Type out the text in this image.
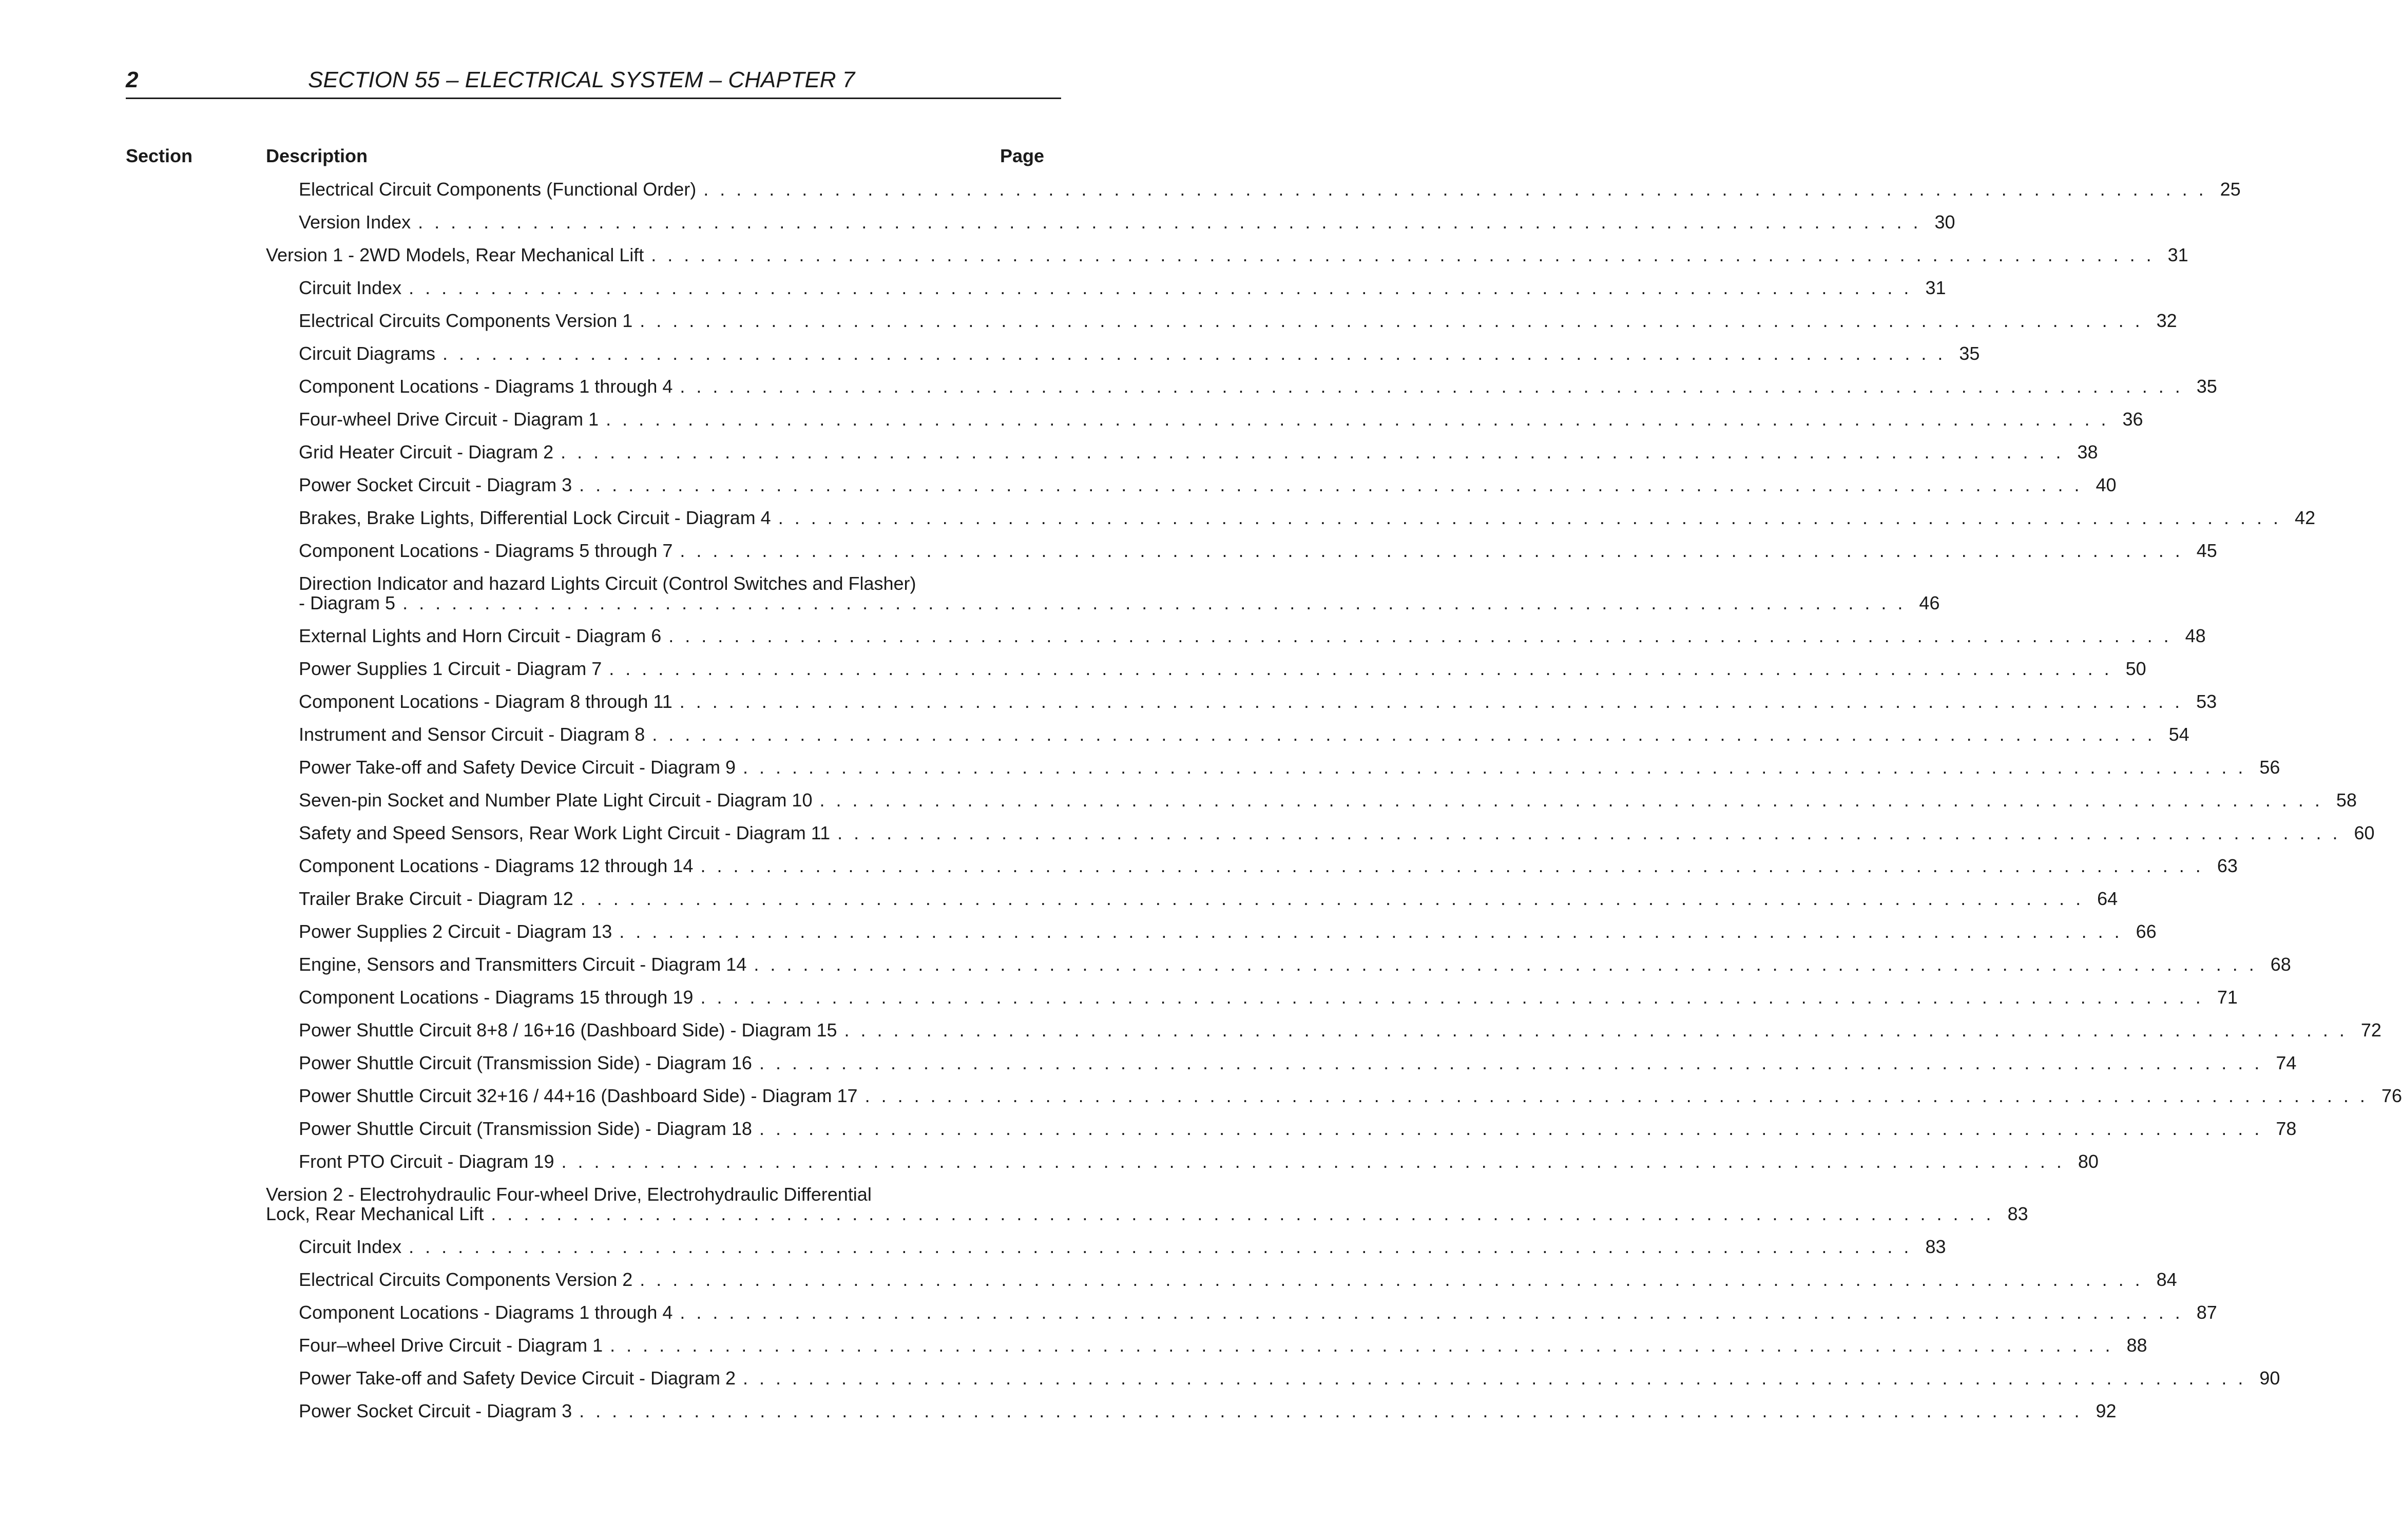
2	SECTION 55 – ELECTRICAL SYSTEM – CHAPTER 7
Section	Description	Page
Electrical Circuit Components (Functional Order) . . . . . . . . . . . . . . . . . . . . . . . . . . . . . . . . . . . . . . . . . . . . . . . . . . . . . . . . . . . . . . . . . . . . . . . . . . . . . . . . . . . . . . . . . . . . 25
Version Index . . . . . . . . . . . . . . . . . . . . . . . . . . . . . . . . . . . . . . . . . . . . . . . . . . . . . . . . . . . . . . . . . . . . . . . . . . . . . . . . . . . . . . . . . . . . 30
Version 1 - 2WD Models, Rear Mechanical Lift . . . . . . . . . . . . . . . . . . . . . . . . . . . . . . . . . . . . . . . . . . . . . . . . . . . . . . . . . . . . . . . . . . . . . . . . . . . . . . . . . . . . . . . . . . . . 31
Circuit Index . . . . . . . . . . . . . . . . . . . . . . . . . . . . . . . . . . . . . . . . . . . . . . . . . . . . . . . . . . . . . . . . . . . . . . . . . . . . . . . . . . . . . . . . . . . . 31
Electrical Circuits Components Version 1 . . . . . . . . . . . . . . . . . . . . . . . . . . . . . . . . . . . . . . . . . . . . . . . . . . . . . . . . . . . . . . . . . . . . . . . . . . . . . . . . . . . . . . . . . . . . 32
Circuit Diagrams . . . . . . . . . . . . . . . . . . . . . . . . . . . . . . . . . . . . . . . . . . . . . . . . . . . . . . . . . . . . . . . . . . . . . . . . . . . . . . . . . . . . . . . . . . . . 35
Component Locations - Diagrams 1 through 4 . . . . . . . . . . . . . . . . . . . . . . . . . . . . . . . . . . . . . . . . . . . . . . . . . . . . . . . . . . . . . . . . . . . . . . . . . . . . . . . . . . . . . . . . . . . . 35
Four-wheel Drive Circuit - Diagram 1 . . . . . . . . . . . . . . . . . . . . . . . . . . . . . . . . . . . . . . . . . . . . . . . . . . . . . . . . . . . . . . . . . . . . . . . . . . . . . . . . . . . . . . . . . . . . 36
Grid Heater Circuit - Diagram 2 . . . . . . . . . . . . . . . . . . . . . . . . . . . . . . . . . . . . . . . . . . . . . . . . . . . . . . . . . . . . . . . . . . . . . . . . . . . . . . . . . . . . . . . . . . . . 38
Power Socket Circuit - Diagram 3 . . . . . . . . . . . . . . . . . . . . . . . . . . . . . . . . . . . . . . . . . . . . . . . . . . . . . . . . . . . . . . . . . . . . . . . . . . . . . . . . . . . . . . . . . . . . 40
Brakes, Brake Lights, Differential Lock Circuit - Diagram 4 . . . . . . . . . . . . . . . . . . . . . . . . . . . . . . . . . . . . . . . . . . . . . . . . . . . . . . . . . . . . . . . . . . . . . . . . . . . . . . . . . . . . . . . . . . . . 42
Component Locations - Diagrams 5 through 7 . . . . . . . . . . . . . . . . . . . . . . . . . . . . . . . . . . . . . . . . . . . . . . . . . . . . . . . . . . . . . . . . . . . . . . . . . . . . . . . . . . . . . . . . . . . . 45
Direction Indicator and hazard Lights Circuit (Control Switches and Flasher)
- Diagram 5 . . . . . . . . . . . . . . . . . . . . . . . . . . . . . . . . . . . . . . . . . . . . . . . . . . . . . . . . . . . . . . . . . . . . . . . . . . . . . . . . . . . . . . . . . . . . 46
External Lights and Horn Circuit - Diagram 6 . . . . . . . . . . . . . . . . . . . . . . . . . . . . . . . . . . . . . . . . . . . . . . . . . . . . . . . . . . . . . . . . . . . . . . . . . . . . . . . . . . . . . . . . . . . . 48
Power Supplies 1 Circuit - Diagram 7 . . . . . . . . . . . . . . . . . . . . . . . . . . . . . . . . . . . . . . . . . . . . . . . . . . . . . . . . . . . . . . . . . . . . . . . . . . . . . . . . . . . . . . . . . . . . 50
Component Locations - Diagram 8 through 11 . . . . . . . . . . . . . . . . . . . . . . . . . . . . . . . . . . . . . . . . . . . . . . . . . . . . . . . . . . . . . . . . . . . . . . . . . . . . . . . . . . . . . . . . . . . . 53
Instrument and Sensor Circuit - Diagram 8 . . . . . . . . . . . . . . . . . . . . . . . . . . . . . . . . . . . . . . . . . . . . . . . . . . . . . . . . . . . . . . . . . . . . . . . . . . . . . . . . . . . . . . . . . . . . 54
Power Take-off and Safety Device Circuit - Diagram 9 . . . . . . . . . . . . . . . . . . . . . . . . . . . . . . . . . . . . . . . . . . . . . . . . . . . . . . . . . . . . . . . . . . . . . . . . . . . . . . . . . . . . . . . . . . . . 56
Seven-pin Socket and Number Plate Light Circuit - Diagram 10 . . . . . . . . . . . . . . . . . . . . . . . . . . . . . . . . . . . . . . . . . . . . . . . . . . . . . . . . . . . . . . . . . . . . . . . . . . . . . . . . . . . . . . . . . . . . 58
Safety and Speed Sensors, Rear Work Light Circuit - Diagram 11 . . . . . . . . . . . . . . . . . . . . . . . . . . . . . . . . . . . . . . . . . . . . . . . . . . . . . . . . . . . . . . . . . . . . . . . . . . . . . . . . . . . . . . . . . . . . 60
Component Locations - Diagrams 12 through 14 . . . . . . . . . . . . . . . . . . . . . . . . . . . . . . . . . . . . . . . . . . . . . . . . . . . . . . . . . . . . . . . . . . . . . . . . . . . . . . . . . . . . . . . . . . . . 63
Trailer Brake Circuit - Diagram 12 . . . . . . . . . . . . . . . . . . . . . . . . . . . . . . . . . . . . . . . . . . . . . . . . . . . . . . . . . . . . . . . . . . . . . . . . . . . . . . . . . . . . . . . . . . . . 64
Power Supplies 2 Circuit - Diagram 13 . . . . . . . . . . . . . . . . . . . . . . . . . . . . . . . . . . . . . . . . . . . . . . . . . . . . . . . . . . . . . . . . . . . . . . . . . . . . . . . . . . . . . . . . . . . . 66
Engine, Sensors and Transmitters Circuit - Diagram 14 . . . . . . . . . . . . . . . . . . . . . . . . . . . . . . . . . . . . . . . . . . . . . . . . . . . . . . . . . . . . . . . . . . . . . . . . . . . . . . . . . . . . . . . . . . . . 68
Component Locations - Diagrams 15 through 19 . . . . . . . . . . . . . . . . . . . . . . . . . . . . . . . . . . . . . . . . . . . . . . . . . . . . . . . . . . . . . . . . . . . . . . . . . . . . . . . . . . . . . . . . . . . . 71
Power Shuttle Circuit 8+8 / 16+16 (Dashboard Side) - Diagram 15 . . . . . . . . . . . . . . . . . . . . . . . . . . . . . . . . . . . . . . . . . . . . . . . . . . . . . . . . . . . . . . . . . . . . . . . . . . . . . . . . . . . . . . . . . . . . 72
Power Shuttle Circuit (Transmission Side) - Diagram 16 . . . . . . . . . . . . . . . . . . . . . . . . . . . . . . . . . . . . . . . . . . . . . . . . . . . . . . . . . . . . . . . . . . . . . . . . . . . . . . . . . . . . . . . . . . . . 74
Power Shuttle Circuit 32+16 / 44+16 (Dashboard Side) - Diagram 17 . . . . . . . . . . . . . . . . . . . . . . . . . . . . . . . . . . . . . . . . . . . . . . . . . . . . . . . . . . . . . . . . . . . . . . . . . . . . . . . . . . . . . . . . . . . . 76
Power Shuttle Circuit (Transmission Side) - Diagram 18 . . . . . . . . . . . . . . . . . . . . . . . . . . . . . . . . . . . . . . . . . . . . . . . . . . . . . . . . . . . . . . . . . . . . . . . . . . . . . . . . . . . . . . . . . . . . 78
Front PTO Circuit - Diagram 19 . . . . . . . . . . . . . . . . . . . . . . . . . . . . . . . . . . . . . . . . . . . . . . . . . . . . . . . . . . . . . . . . . . . . . . . . . . . . . . . . . . . . . . . . . . . . 80
Version 2 - Electrohydraulic Four-wheel Drive, Electrohydraulic Differential
Lock, Rear Mechanical Lift . . . . . . . . . . . . . . . . . . . . . . . . . . . . . . . . . . . . . . . . . . . . . . . . . . . . . . . . . . . . . . . . . . . . . . . . . . . . . . . . . . . . . . . . . . . . 83
Circuit Index . . . . . . . . . . . . . . . . . . . . . . . . . . . . . . . . . . . . . . . . . . . . . . . . . . . . . . . . . . . . . . . . . . . . . . . . . . . . . . . . . . . . . . . . . . . . 83
Electrical Circuits Components Version 2 . . . . . . . . . . . . . . . . . . . . . . . . . . . . . . . . . . . . . . . . . . . . . . . . . . . . . . . . . . . . . . . . . . . . . . . . . . . . . . . . . . . . . . . . . . . . 84
Component Locations - Diagrams 1 through 4 . . . . . . . . . . . . . . . . . . . . . . . . . . . . . . . . . . . . . . . . . . . . . . . . . . . . . . . . . . . . . . . . . . . . . . . . . . . . . . . . . . . . . . . . . . . . 87
Four–wheel Drive Circuit - Diagram 1 . . . . . . . . . . . . . . . . . . . . . . . . . . . . . . . . . . . . . . . . . . . . . . . . . . . . . . . . . . . . . . . . . . . . . . . . . . . . . . . . . . . . . . . . . . . . 88
Power Take-off and Safety Device Circuit - Diagram 2 . . . . . . . . . . . . . . . . . . . . . . . . . . . . . . . . . . . . . . . . . . . . . . . . . . . . . . . . . . . . . . . . . . . . . . . . . . . . . . . . . . . . . . . . . . . . 90
Power Socket Circuit - Diagram 3 . . . . . . . . . . . . . . . . . . . . . . . . . . . . . . . . . . . . . . . . . . . . . . . . . . . . . . . . . . . . . . . . . . . . . . . . . . . . . . . . . . . . . . . . . . . . 92
